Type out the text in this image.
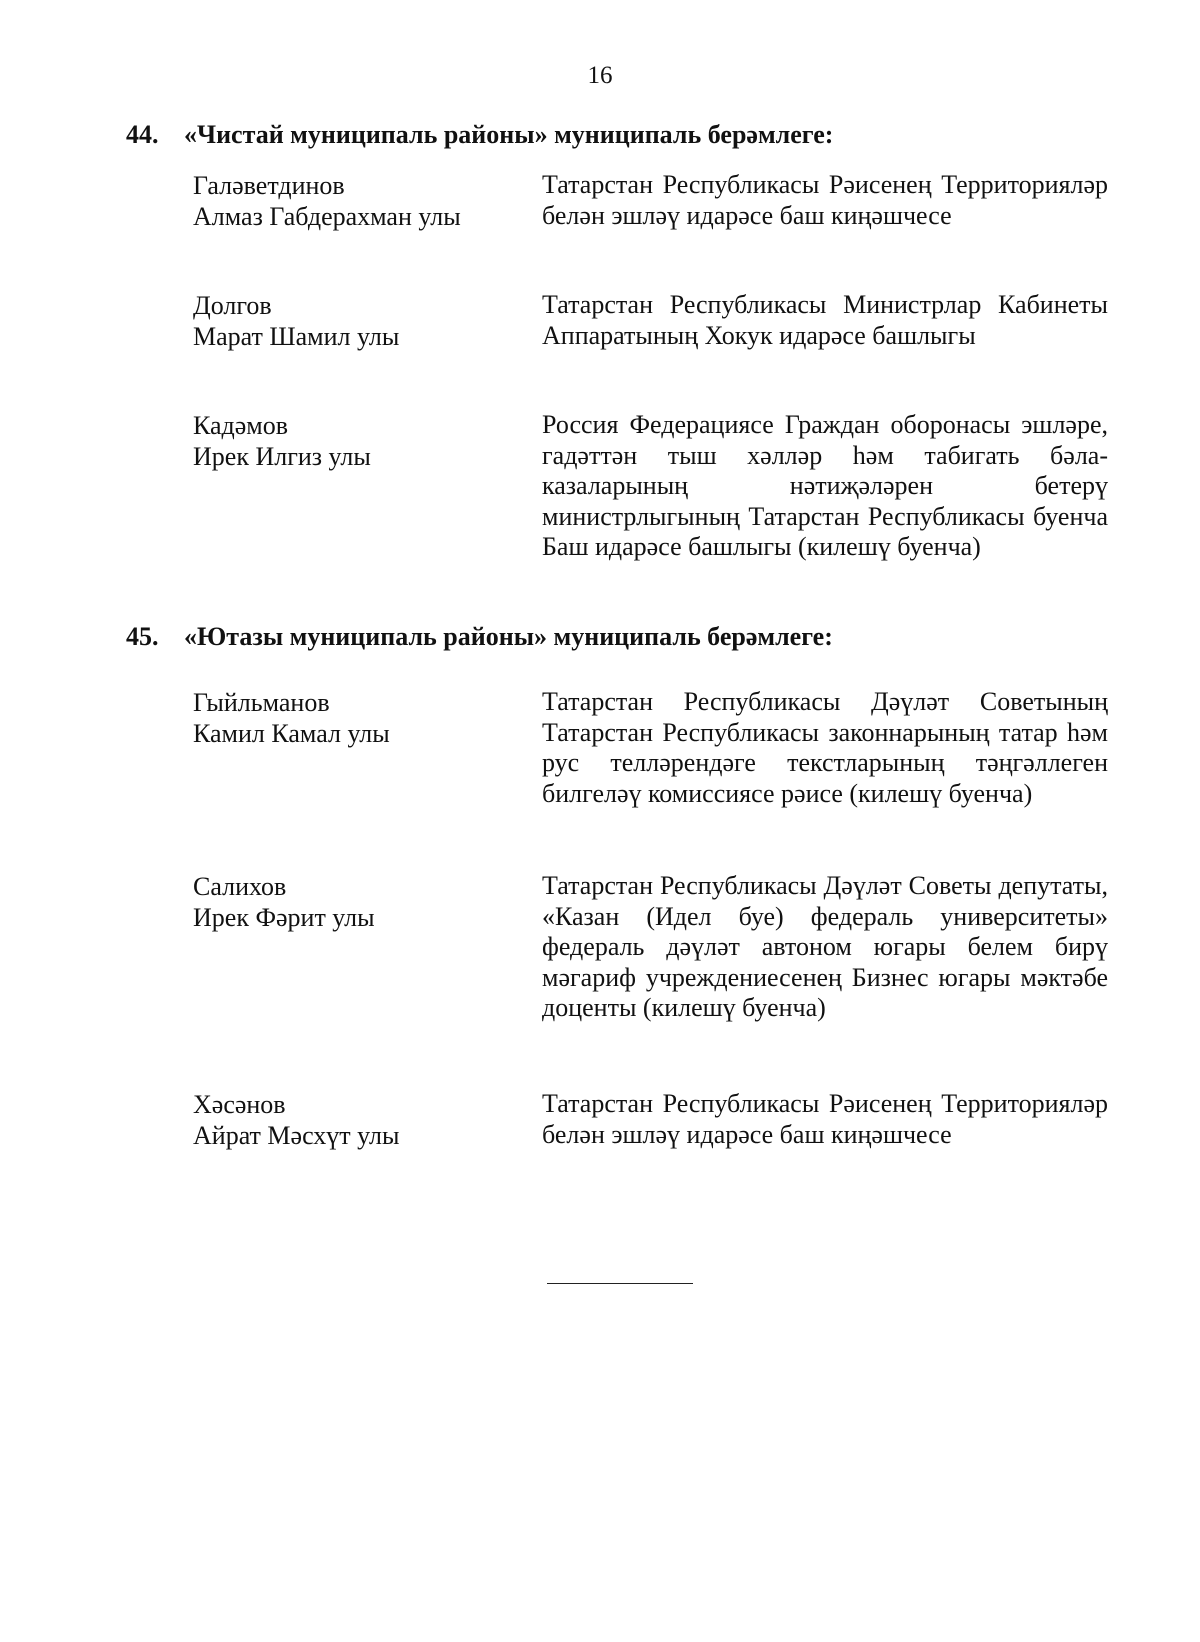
16
44. «Чистай муниципаль районы» муниципаль берәмлеге:
Галәветдинов
Алмаз Габдерахман улы
Татарстан Республикасы Рәисенең Территорияләр белән эшләү идарәсе баш киңәшчесе
Долгов
Марат Шамил улы
Татарстан Республикасы Министрлар Кабинеты Аппаратының Хокук идарәсе башлыгы
Кадәмов
Ирек Илгиз улы
Россия Федерациясе Граждан оборонасы эшләре, гадәттән тыш хәлләр һәм табигать бәла-казаларының нәтиҗәләрен бетерү министрлыгының Татарстан Республикасы буенча Баш идарәсе башлыгы (килешү буенча)
45. «Ютазы муниципаль районы» муниципаль берәмлеге:
Гыйльманов
Камил Камал улы
Татарстан Республикасы Дәүләт Советының Татарстан Республикасы законнарының татар һәм рус телләрендәге текстларының тәңгәллеген билгеләү комиссиясе рәисе (килешү буенча)
Салихов
Ирек Фәрит улы
Татарстан Республикасы Дәүләт Советы депутаты, «Казан (Идел буе) федераль университеты» федераль дәүләт автоном югары белем бирү мәгариф учреждениесенең Бизнес югары мәктәбе доценты (килешү буенча)
Хәсәнов
Айрат Мәсхүт улы
Татарстан Республикасы Рәисенең Территорияләр белән эшләү идарәсе баш киңәшчесе
